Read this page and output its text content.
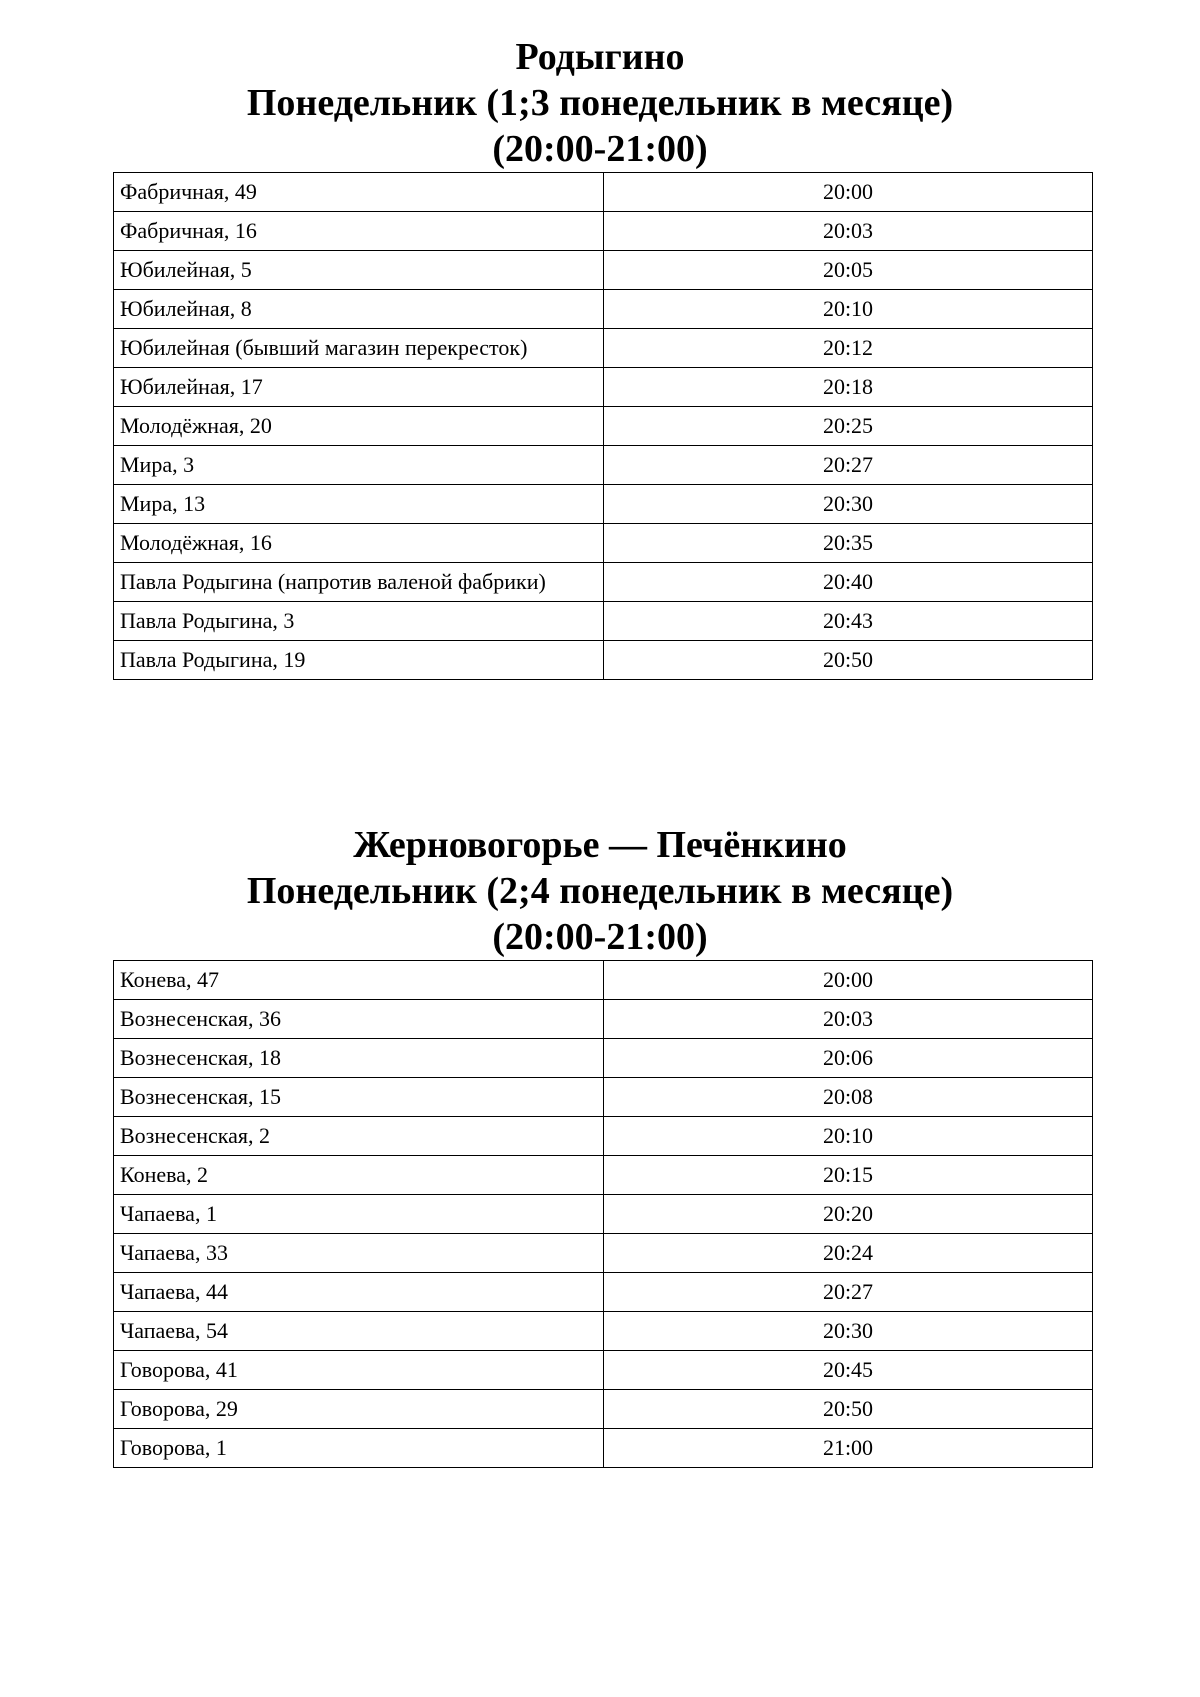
Родыгино
Понедельник (1;3 понедельник в месяце)
(20:00-21:00)
Фабричная, 49	20:00
Фабричная, 16	20:03
Юбилейная, 5	20:05
Юбилейная, 8	20:10
Юбилейная (бывший магазин перекресток)	20:12
Юбилейная, 17	20:18
Молодёжная, 20	20:25
Мира, 3	20:27
Мира, 13	20:30
Молодёжная, 16	20:35
Павла Родыгина (напротив валеной фабрики)	20:40
Павла Родыгина, 3	20:43
Павла Родыгина, 19	20:50
Жерновогорье — Печёнкино
Понедельник (2;4 понедельник в месяце)
(20:00-21:00)
Конева, 47	20:00
Вознесенская, 36	20:03
Вознесенская, 18	20:06
Вознесенская, 15	20:08
Вознесенская, 2	20:10
Конева, 2	20:15
Чапаева, 1	20:20
Чапаева, 33	20:24
Чапаева, 44	20:27
Чапаева, 54	20:30
Говорова, 41	20:45
Говорова, 29	20:50
Говорова, 1	21:00
